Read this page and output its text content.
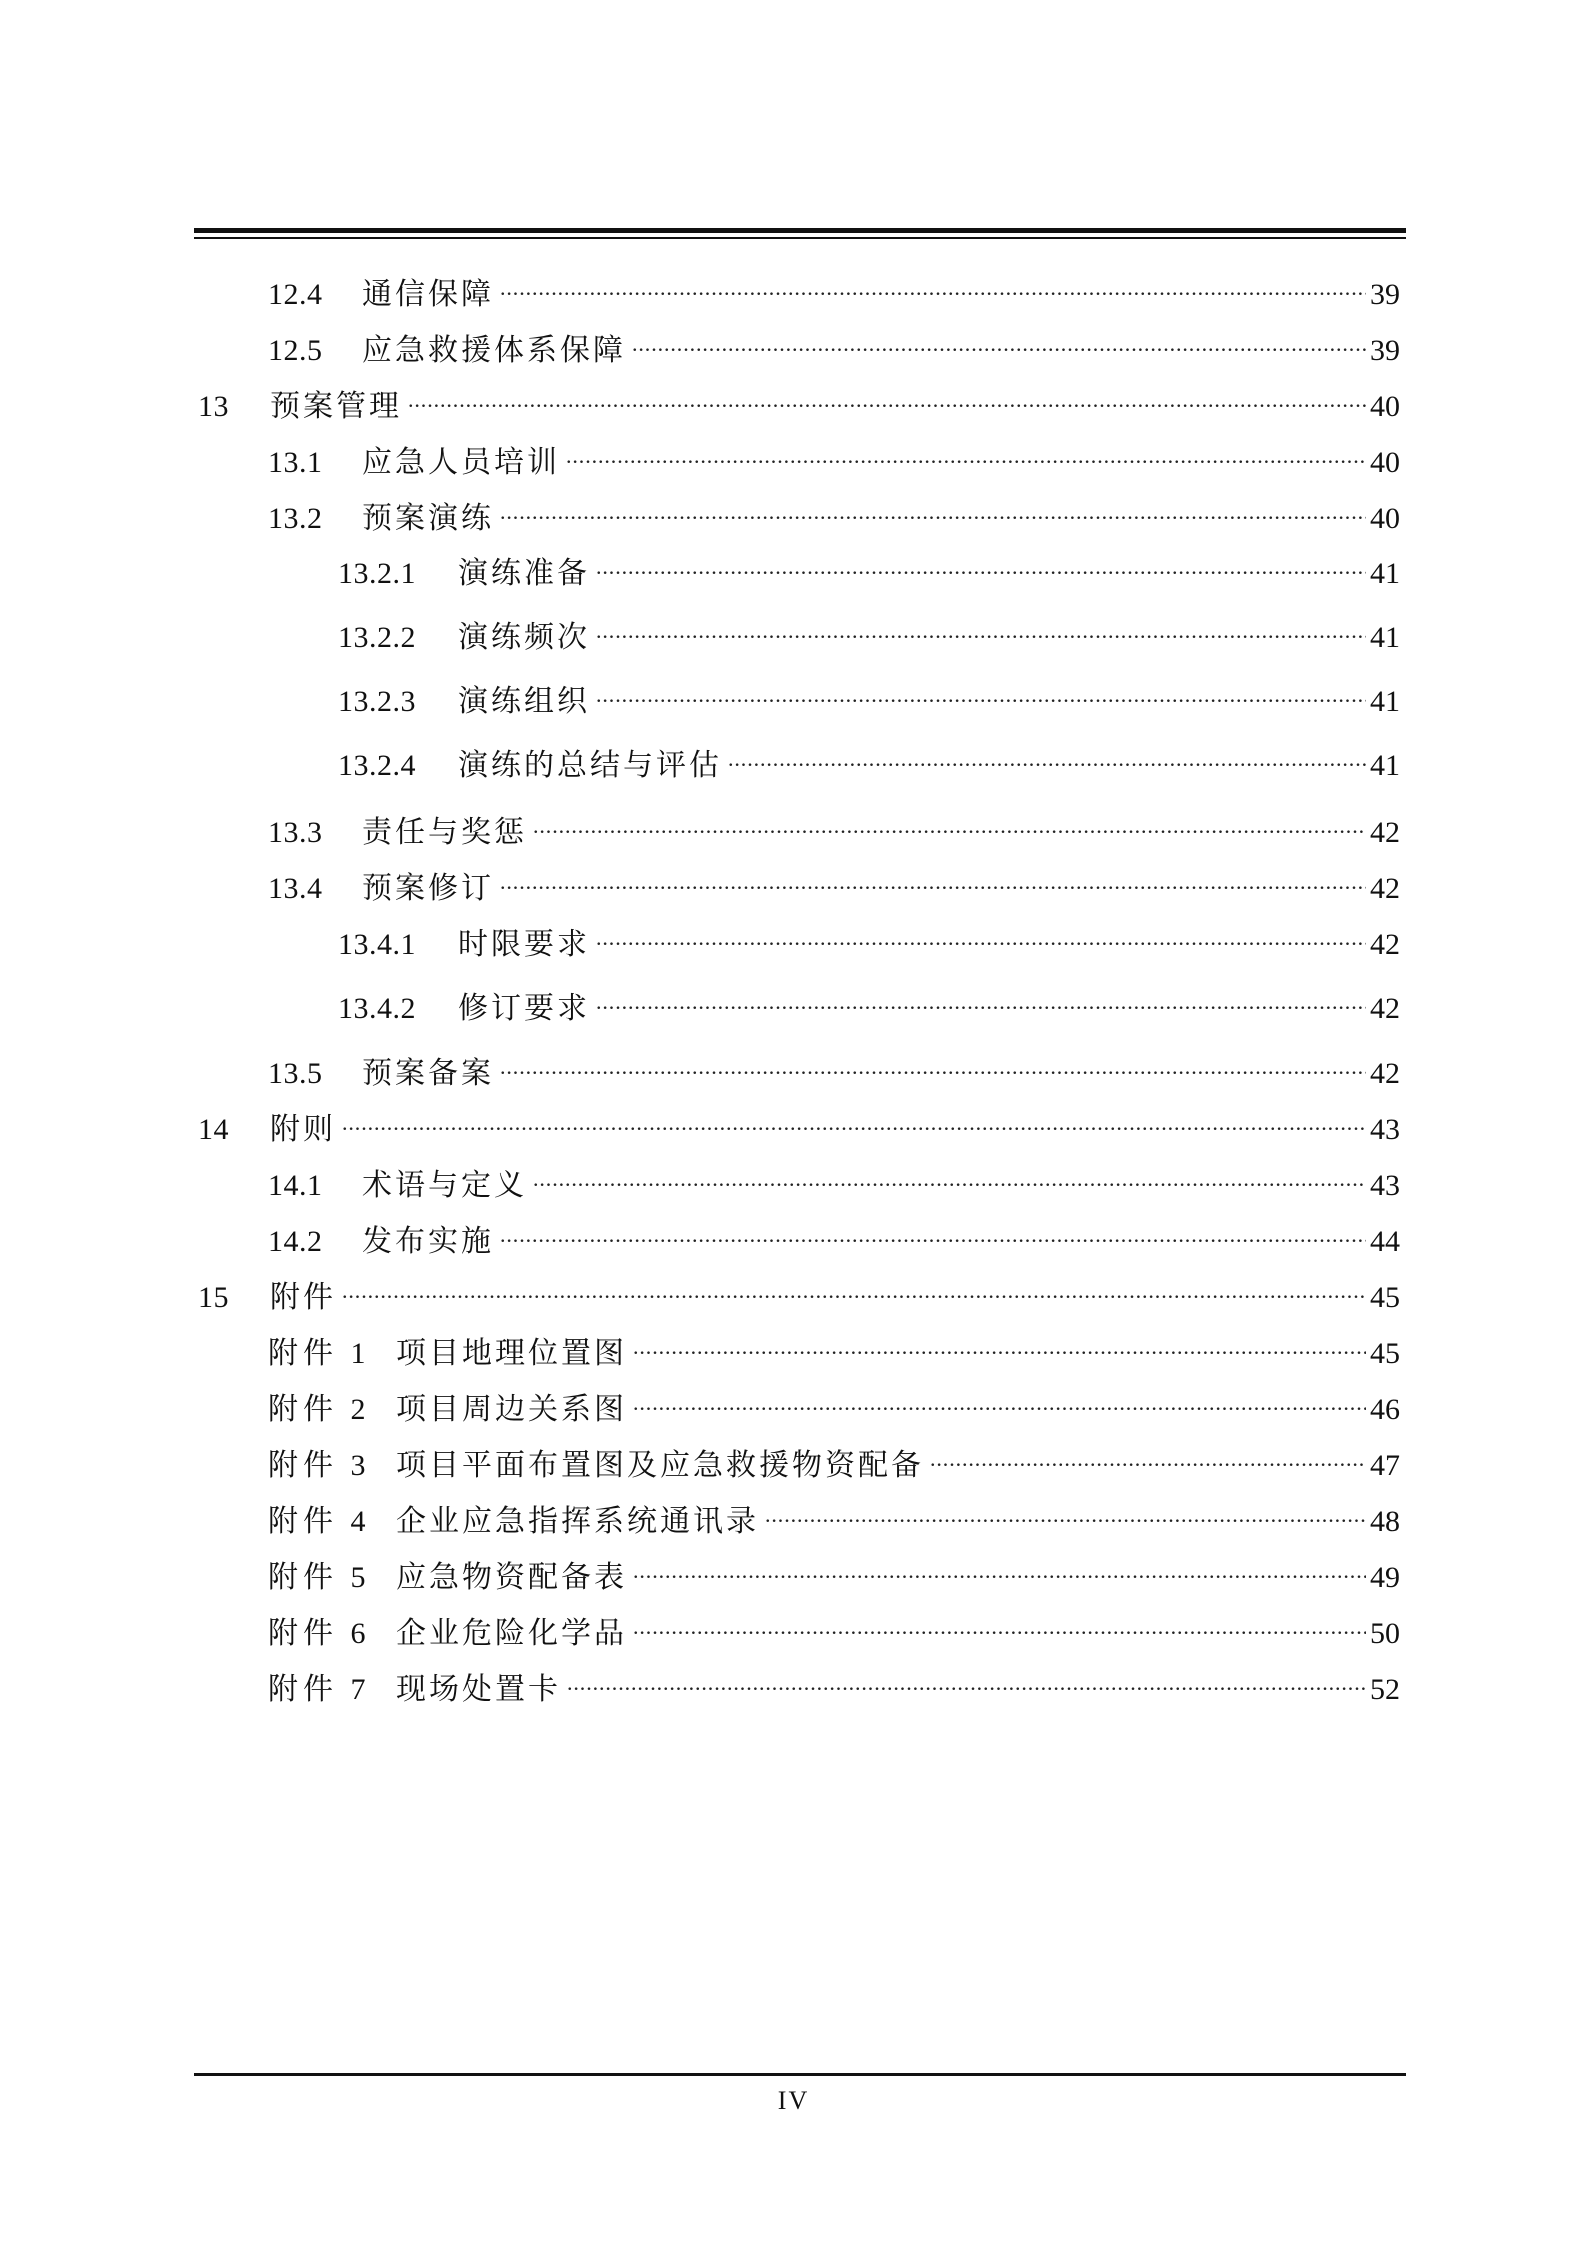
12.4	通信保障 .....	39
12.5	应急救援体系保障 .....	39
13	预案管理 .....	40
13.1	应急人员培训 .....	40
13.2	预案演练 .....	40
13.2.1	演练准备 .....	41
13.2.2	演练频次 .....	41
13.2.3	演练组织 .....	41
13.2.4	演练的总结与评估 .....	41
13.3	责任与奖惩 .....	42
13.4	预案修订 .....	42
13.4.1	时限要求 .....	42
13.4.2	修订要求 .....	42
13.5	预案备案 .....	42
14	附则 .....	43
14.1	术语与定义 .....	43
14.2	发布实施 .....	44
15	附件 .....	45
附件 1 项目地理位置图 .....	45
附件 2 项目周边关系图 .....	46
附件 3 项目平面布置图及应急救援物资配备 .....	47
附件 4 企业应急指挥系统通讯录 .....	48
附件 5 应急物资配备表 .....	49
附件 6 企业危险化学品 .....	50
附件 7 现场处置卡 .....	52
IV
